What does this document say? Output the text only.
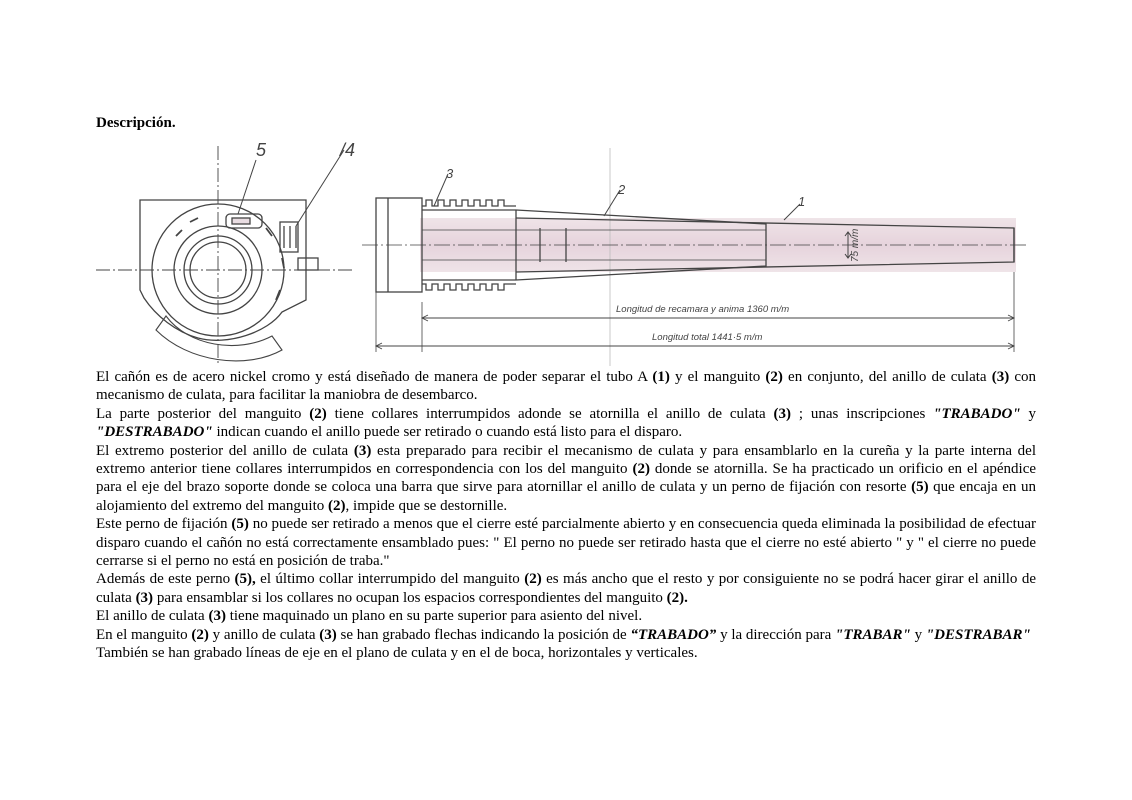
Descripción.
5	/4
3
2
1
75 m/m
Longitud de recamara y anima 1360 m/m
Longitud total 1441·5 m/m

El cañón es de acero nickel cromo y está diseñado de manera de poder separar el tubo A (1) y el manguito (2) en conjunto, del anillo de culata (3) con mecanismo de culata, para facilitar la maniobra de desembarco.

La parte posterior del manguito (2) tiene collares interrumpidos adonde se atornilla el anillo de culata (3) ; unas inscripciones "TRABADO" y "DESTRABADO" indican cuando el anillo puede ser retirado o cuando está listo para el disparo.

El extremo posterior del anillo de culata (3) esta preparado para recibir el mecanismo de culata y para ensamblarlo en la cureña y la parte interna del extremo anterior tiene collares interrumpidos en correspondencia con los del manguito (2) donde se atornilla. Se ha practicado un orificio en el apéndice para el eje del brazo soporte donde se coloca una barra que sirve para atornillar el anillo de culata y un perno de fijación con resorte (5) que encaja en un alojamiento del extremo del manguito (2), impide que se destornille.

Este perno de fijación (5) no puede ser retirado a menos que el cierre esté parcialmente abierto y en consecuencia queda eliminada la posibilidad de efectuar disparo cuando el cañón no está correctamente ensamblado pues: " El perno no puede ser retirado hasta que el cierre no esté abierto " y " el cierre no puede cerrarse si el perno no está en posición de traba."

Además de este perno (5), el último collar interrumpido del manguito (2) es más ancho que el resto y por consiguiente no se podrá hacer girar el anillo de culata (3) para ensamblar si los collares no ocupan los espacios correspondientes del manguito (2).

El anillo de culata (3) tiene maquinado un plano en su parte superior para asiento del nivel.

En el manguito (2) y anillo de culata (3) se han grabado flechas indicando la posición de “TRABADO” y la dirección para "TRABAR" y "DESTRABAR"

También se han grabado líneas de eje en el plano de culata y en el de boca, horizontales y verticales.
